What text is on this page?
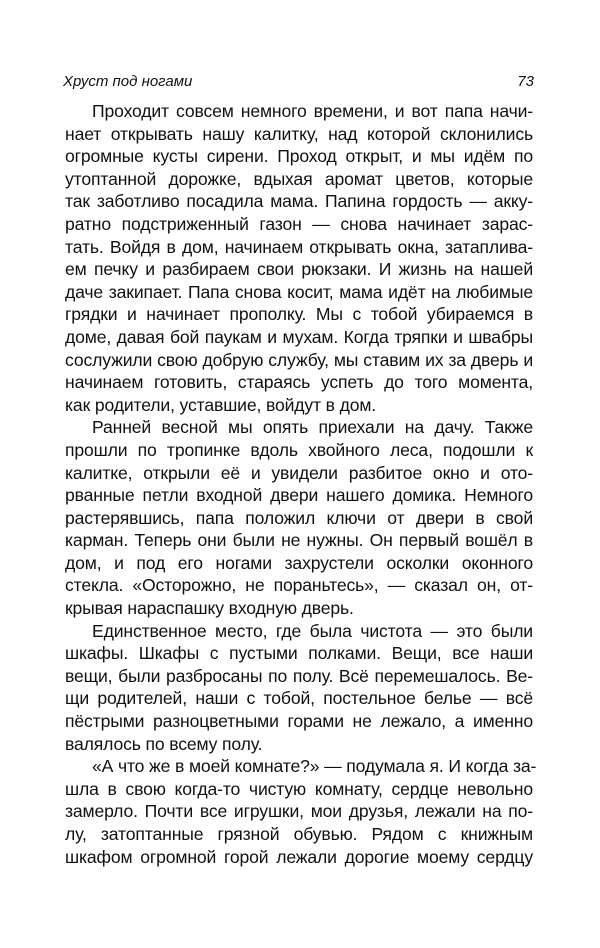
Хруст под ногами	73

Проходит совсем немного времени, и вот папа начи-
нает открывать нашу калитку, над которой склонились
огромные кусты сирени. Проход открыт, и мы идём по
утоптанной дорожке, вдыхая аромат цветов, которые
так заботливо посадила мама. Папина гордость — акку-
ратно подстриженный газон — снова начинает зарас-
тать. Войдя в дом, начинаем открывать окна, затаплива-
ем печку и разбираем свои рюкзаки. И жизнь на нашей
даче закипает. Папа снова косит, мама идёт на любимые
грядки и начинает прополку. Мы с тобой убираемся в
доме, давая бой паукам и мухам. Когда тряпки и швабры
сослужили свою добрую службу, мы ставим их за дверь и
начинаем готовить, стараясь успеть до того момента,
как родители, уставшие, войдут в дом.

Ранней весной мы опять приехали на дачу. Также
прошли по тропинке вдоль хвойного леса, подошли к
калитке, открыли её и увидели разбитое окно и ото-
рванные петли входной двери нашего домика. Немного
растерявшись, папа положил ключи от двери в свой
карман. Теперь они были не нужны. Он первый вошёл в
дом, и под его ногами захрустели осколки оконного
стекла. «Осторожно, не пораньтесь», — сказал он, от-
крывая нараспашку входную дверь.

Единственное место, где была чистота — это были
шкафы. Шкафы с пустыми полками. Вещи, все наши
вещи, были разбросаны по полу. Всё перемешалось. Ве-
щи родителей, наши с тобой, постельное белье — всё
пёстрыми разноцветными горами не лежало, а именно
валялось по всему полу.

«А что же в моей комнате?» — подумала я. И когда за-
шла в свою когда-то чистую комнату, сердце невольно
замерло. Почти все игрушки, мои друзья, лежали на по-
лу, затоптанные грязной обувью. Рядом с книжным
шкафом огромной горой лежали дорогие моему сердцу
